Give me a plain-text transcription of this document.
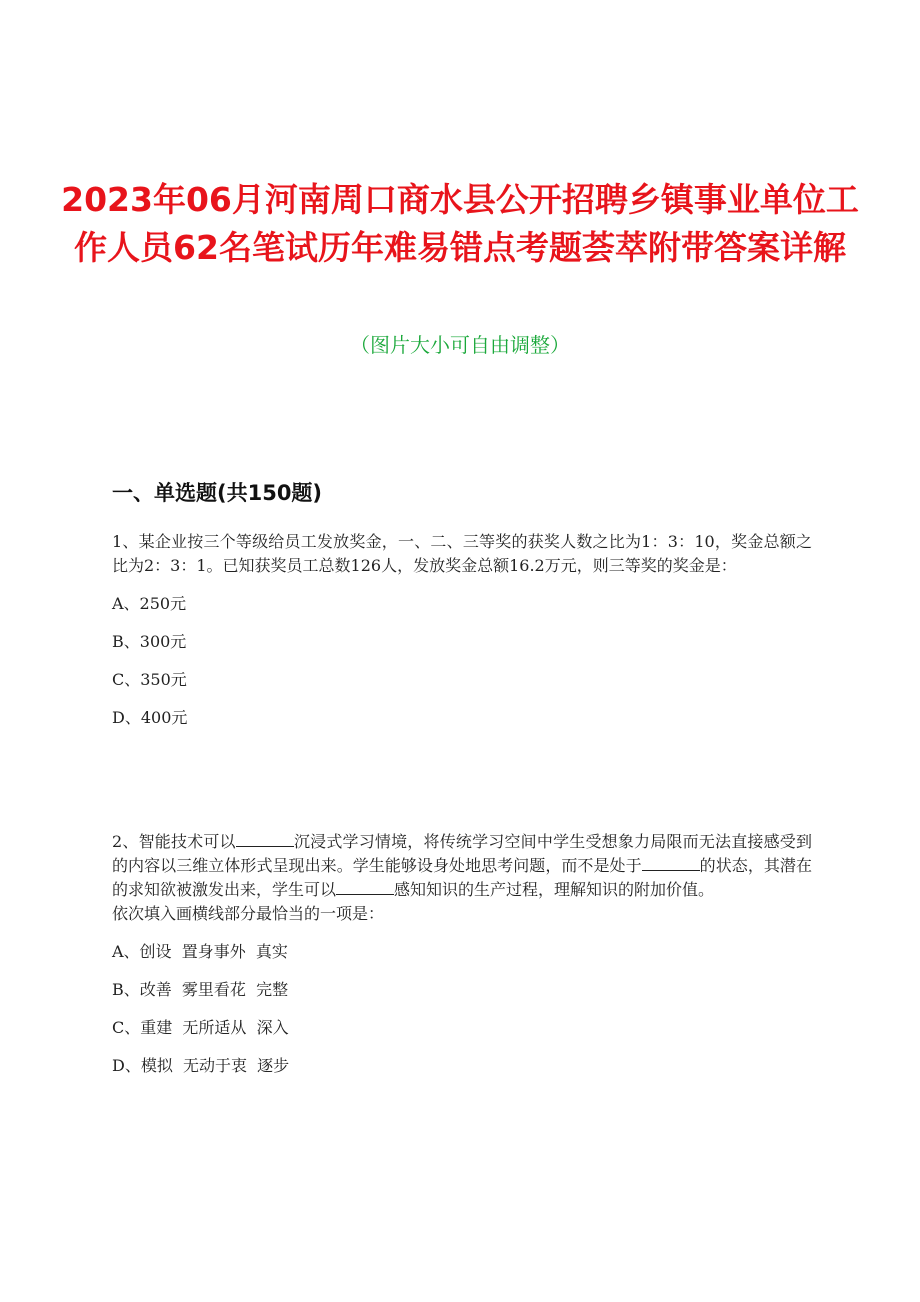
2023年06月河南周口商水县公开招聘乡镇事业单位工作人员62名笔试历年难易错点考题荟萃附带答案详解
（图片大小可自由调整）
一、单选题(共150题)

1、某企业按三个等级给员工发放奖金，一、二、三等奖的获奖人数之比为1：3：10，奖金总额之比为2：3：1。已知获奖员工总数126人，发放奖金总额16.2万元，则三等奖的奖金是：

A、250元
B、300元
C、350元
D、400元

2、智能技术可以	沉浸式学习情境，将传统学习空间中学生受想象力局限而无法直接感受到的内容以三维立体形式呈现出来。学生能够设身处地思考问题，而不是处于	的状态，其潜在的求知欲被激发出来，学生可以	感知知识的生产过程，理解知识的附加价值。

依次填入画横线部分最恰当的一项是：

A、创设  置身事外  真实
B、改善  雾里看花  完整
C、重建  无所适从  深入
D、模拟  无动于衷  逐步
